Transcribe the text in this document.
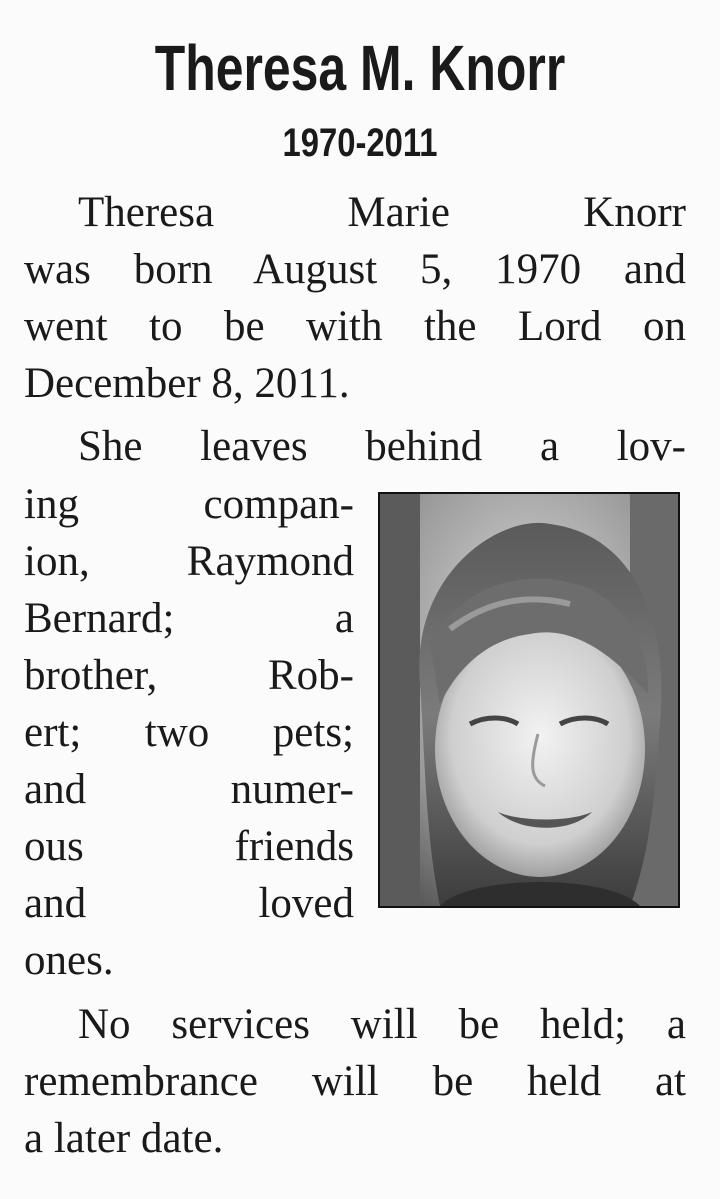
Theresa M. Knorr
1970-2011
Theresa Marie Knorr
was born August 5, 1970 and
went to be with the Lord on
December 8, 2011.
She leaves behind a lov-
ing compan-
ion, Raymond
Bernard; a
brother, Rob-
ert; two pets;
and numer-
ous friends
and loved
ones.
No services will be held; a
remembrance will be held at
a later date.
